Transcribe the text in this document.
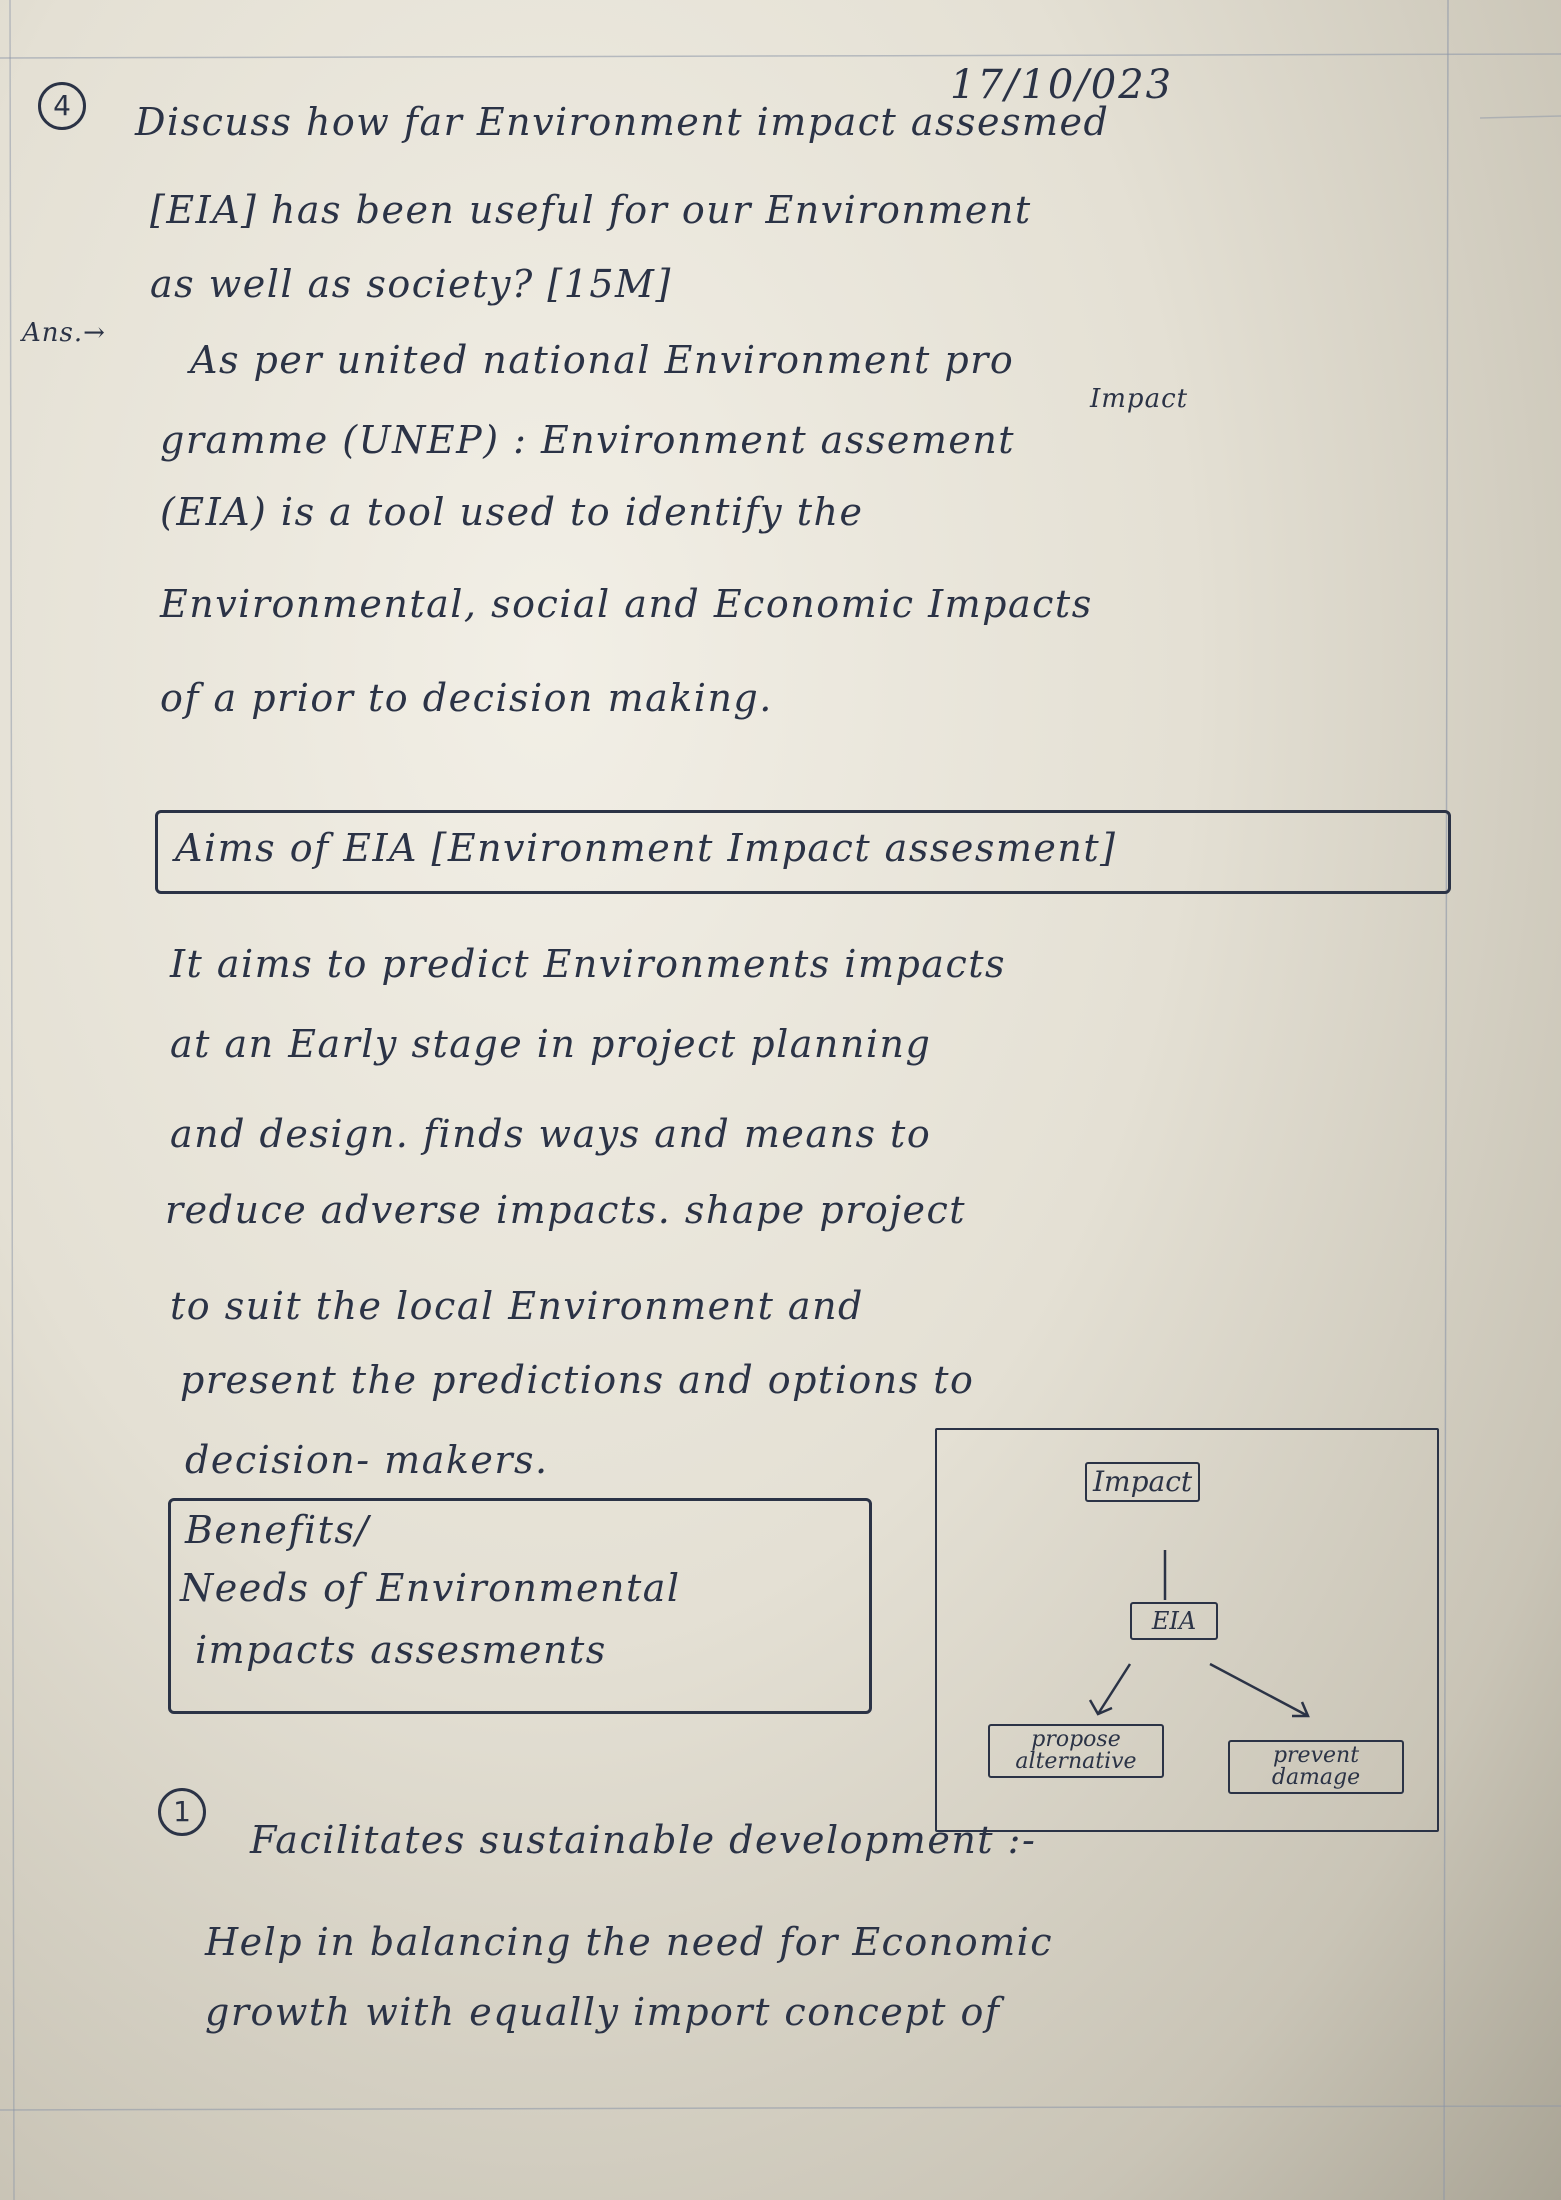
17/10/023
4	Discuss how far Environment impact assesmed
[EIA] has been useful for our Environment
as well as society? [15M]
Ans.→
As per united national Environment pro
Impact
gramme (UNEP) : Environment assement
(EIA) is a tool used to identify the
Environmental, social and Economic Impacts
of a prior to decision making.
Aims of EIA [Environment Impact assesment]
It aims to predict Environments impacts
at an Early stage in project planning
and design. finds ways and means to
reduce adverse impacts. shape project
to suit the local Environment and
present the predictions and options to
decision- makers.
Benefits/
Needs of Environmental
impacts assesments
Impact
EIA
propose
alternative	prevent
damage
1
Facilitates sustainable development :-
Help in balancing the need for Economic
growth with equally import concept of
